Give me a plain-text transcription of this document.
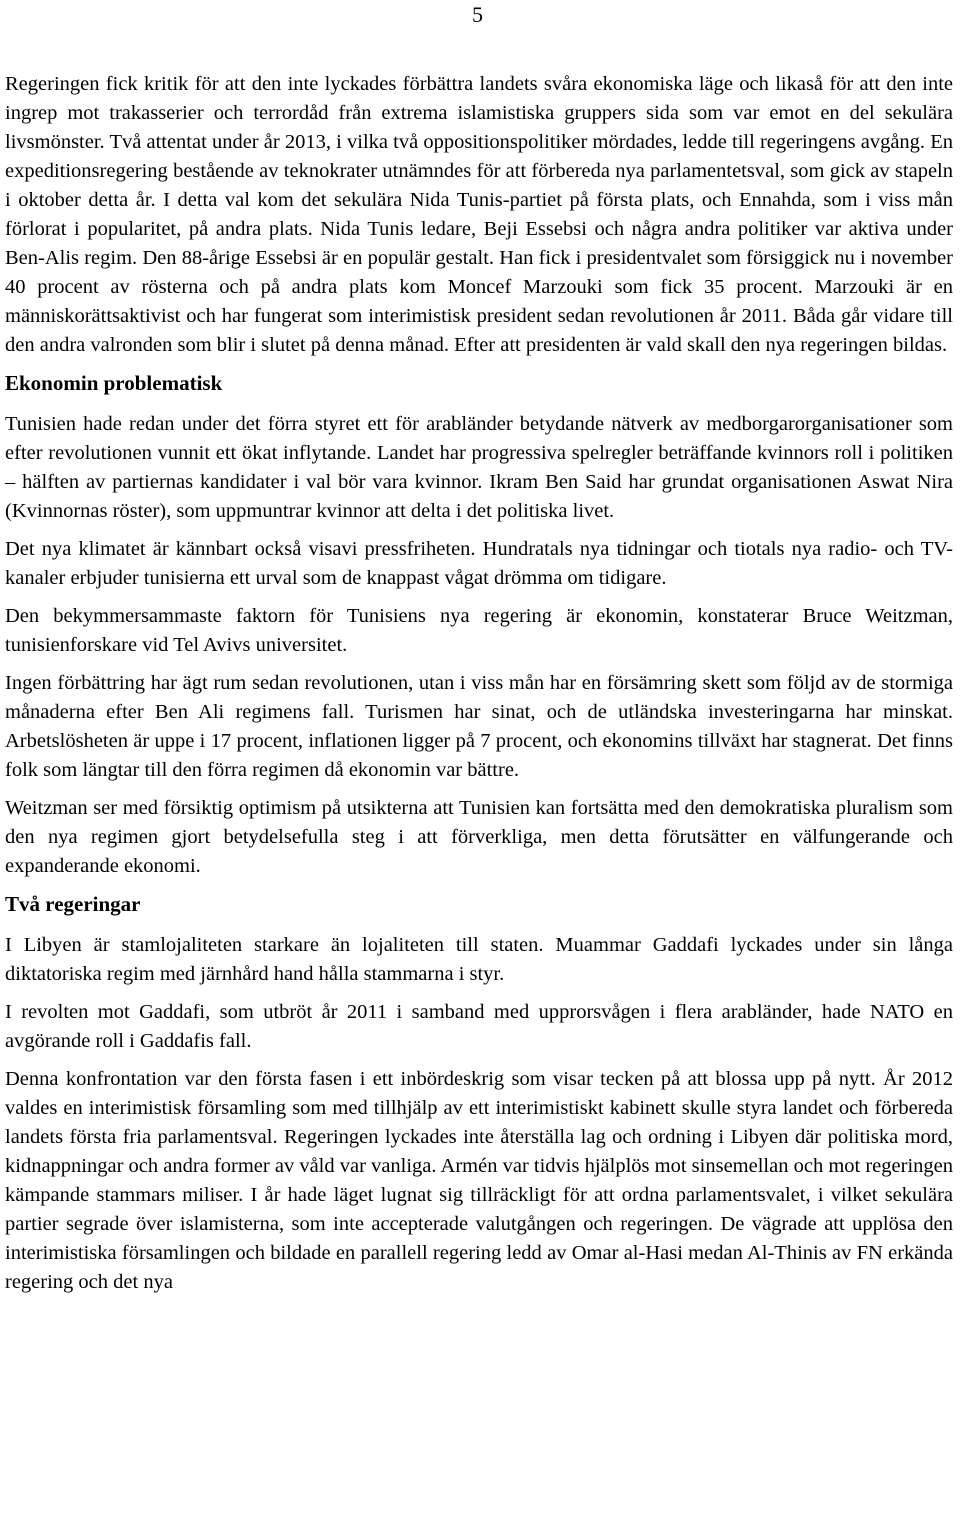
5

Regeringen fick kritik för att den inte lyckades förbättra landets svåra ekonomiska läge och likaså för att den inte ingrep mot trakasserier och terrordåd från extrema islamistiska gruppers sida som var emot en del sekulära livsmönster. Två attentat under år 2013, i vilka två oppositionspolitiker mördades, ledde till regeringens avgång. En expeditionsregering bestående av teknokrater utnämndes för att förbereda nya parlamentetsval, som gick av stapeln i oktober detta år. I detta val kom det sekulära Nida Tunis-partiet på första plats, och Ennahda, som i viss mån förlorat i popularitet, på andra plats. Nida Tunis ledare, Beji Essebsi och några andra politiker var aktiva under Ben-Alis regim. Den 88-årige Essebsi är en populär gestalt. Han fick i presidentvalet som försiggick nu i november 40 procent av rösterna och på andra plats kom Moncef Marzouki som fick 35 procent. Marzouki är en människorättsaktivist och har fungerat som interimistisk president sedan revolutionen år 2011. Båda går vidare till den andra valronden som blir i slutet på denna månad. Efter att presidenten är vald skall den nya regeringen bildas.

Ekonomin problematisk

Tunisien hade redan under det förra styret ett för arabländer betydande nätverk av medborgarorganisationer som efter revolutionen vunnit ett ökat inflytande. Landet har progressiva spelregler beträffande kvinnors roll i politiken – hälften av partiernas kandidater i val bör vara kvinnor. Ikram Ben Said har grundat organisationen Aswat Nira (Kvinnornas röster), som uppmuntrar kvinnor att delta i det politiska livet.

Det nya klimatet är kännbart också visavi pressfriheten. Hundratals nya tidningar och tiotals nya radio- och TV-kanaler erbjuder tunisierna ett urval som de knappast vågat drömma om tidigare.

Den bekymmersammaste faktorn för Tunisiens nya regering är ekonomin, konstaterar Bruce Weitzman, tunisienforskare vid Tel Avivs universitet.

Ingen förbättring har ägt rum sedan revolutionen, utan i viss mån har en försämring skett som följd av de stormiga månaderna efter Ben Ali regimens fall. Turismen har sinat, och de utländska investeringarna har minskat. Arbetslösheten är uppe i 17 procent, inflationen ligger på 7 procent, och ekonomins tillväxt har stagnerat. Det finns folk som längtar till den förra regimen då ekonomin var bättre.

Weitzman ser med försiktig optimism på utsikterna att Tunisien kan fortsätta med den demokratiska pluralism som den nya regimen gjort betydelsefulla steg i att förverkliga, men detta förutsätter en välfungerande och expanderande ekonomi.

Två regeringar

I Libyen är stamlojaliteten starkare än lojaliteten till staten. Muammar Gaddafi lyckades under sin långa diktatoriska regim med järnhård hand hålla stammarna i styr.

I revolten mot Gaddafi, som utbröt år 2011 i samband med upprorsvågen i flera arabländer, hade NATO en avgörande roll i Gaddafis fall.

Denna konfrontation var den första fasen i ett inbördeskrig som visar tecken på att blossa upp på nytt. År 2012 valdes en interimistisk församling som med tillhjälp av ett interimistiskt kabinett skulle styra landet och förbereda landets första fria parlamentsval. Regeringen lyckades inte återställa lag och ordning i Libyen där politiska mord, kidnappningar och andra former av våld var vanliga. Armén var tidvis hjälplös mot sinsemellan och mot regeringen kämpande stammars miliser. I år hade läget lugnat sig tillräckligt för att ordna parlamentsvalet, i vilket sekulära partier segrade över islamisterna, som inte accepterade valutgången och regeringen. De vägrade att upplösa den interimistiska församlingen och bildade en parallell regering ledd av Omar al-Hasi medan Al-Thinis av FN erkända regering och det nya
